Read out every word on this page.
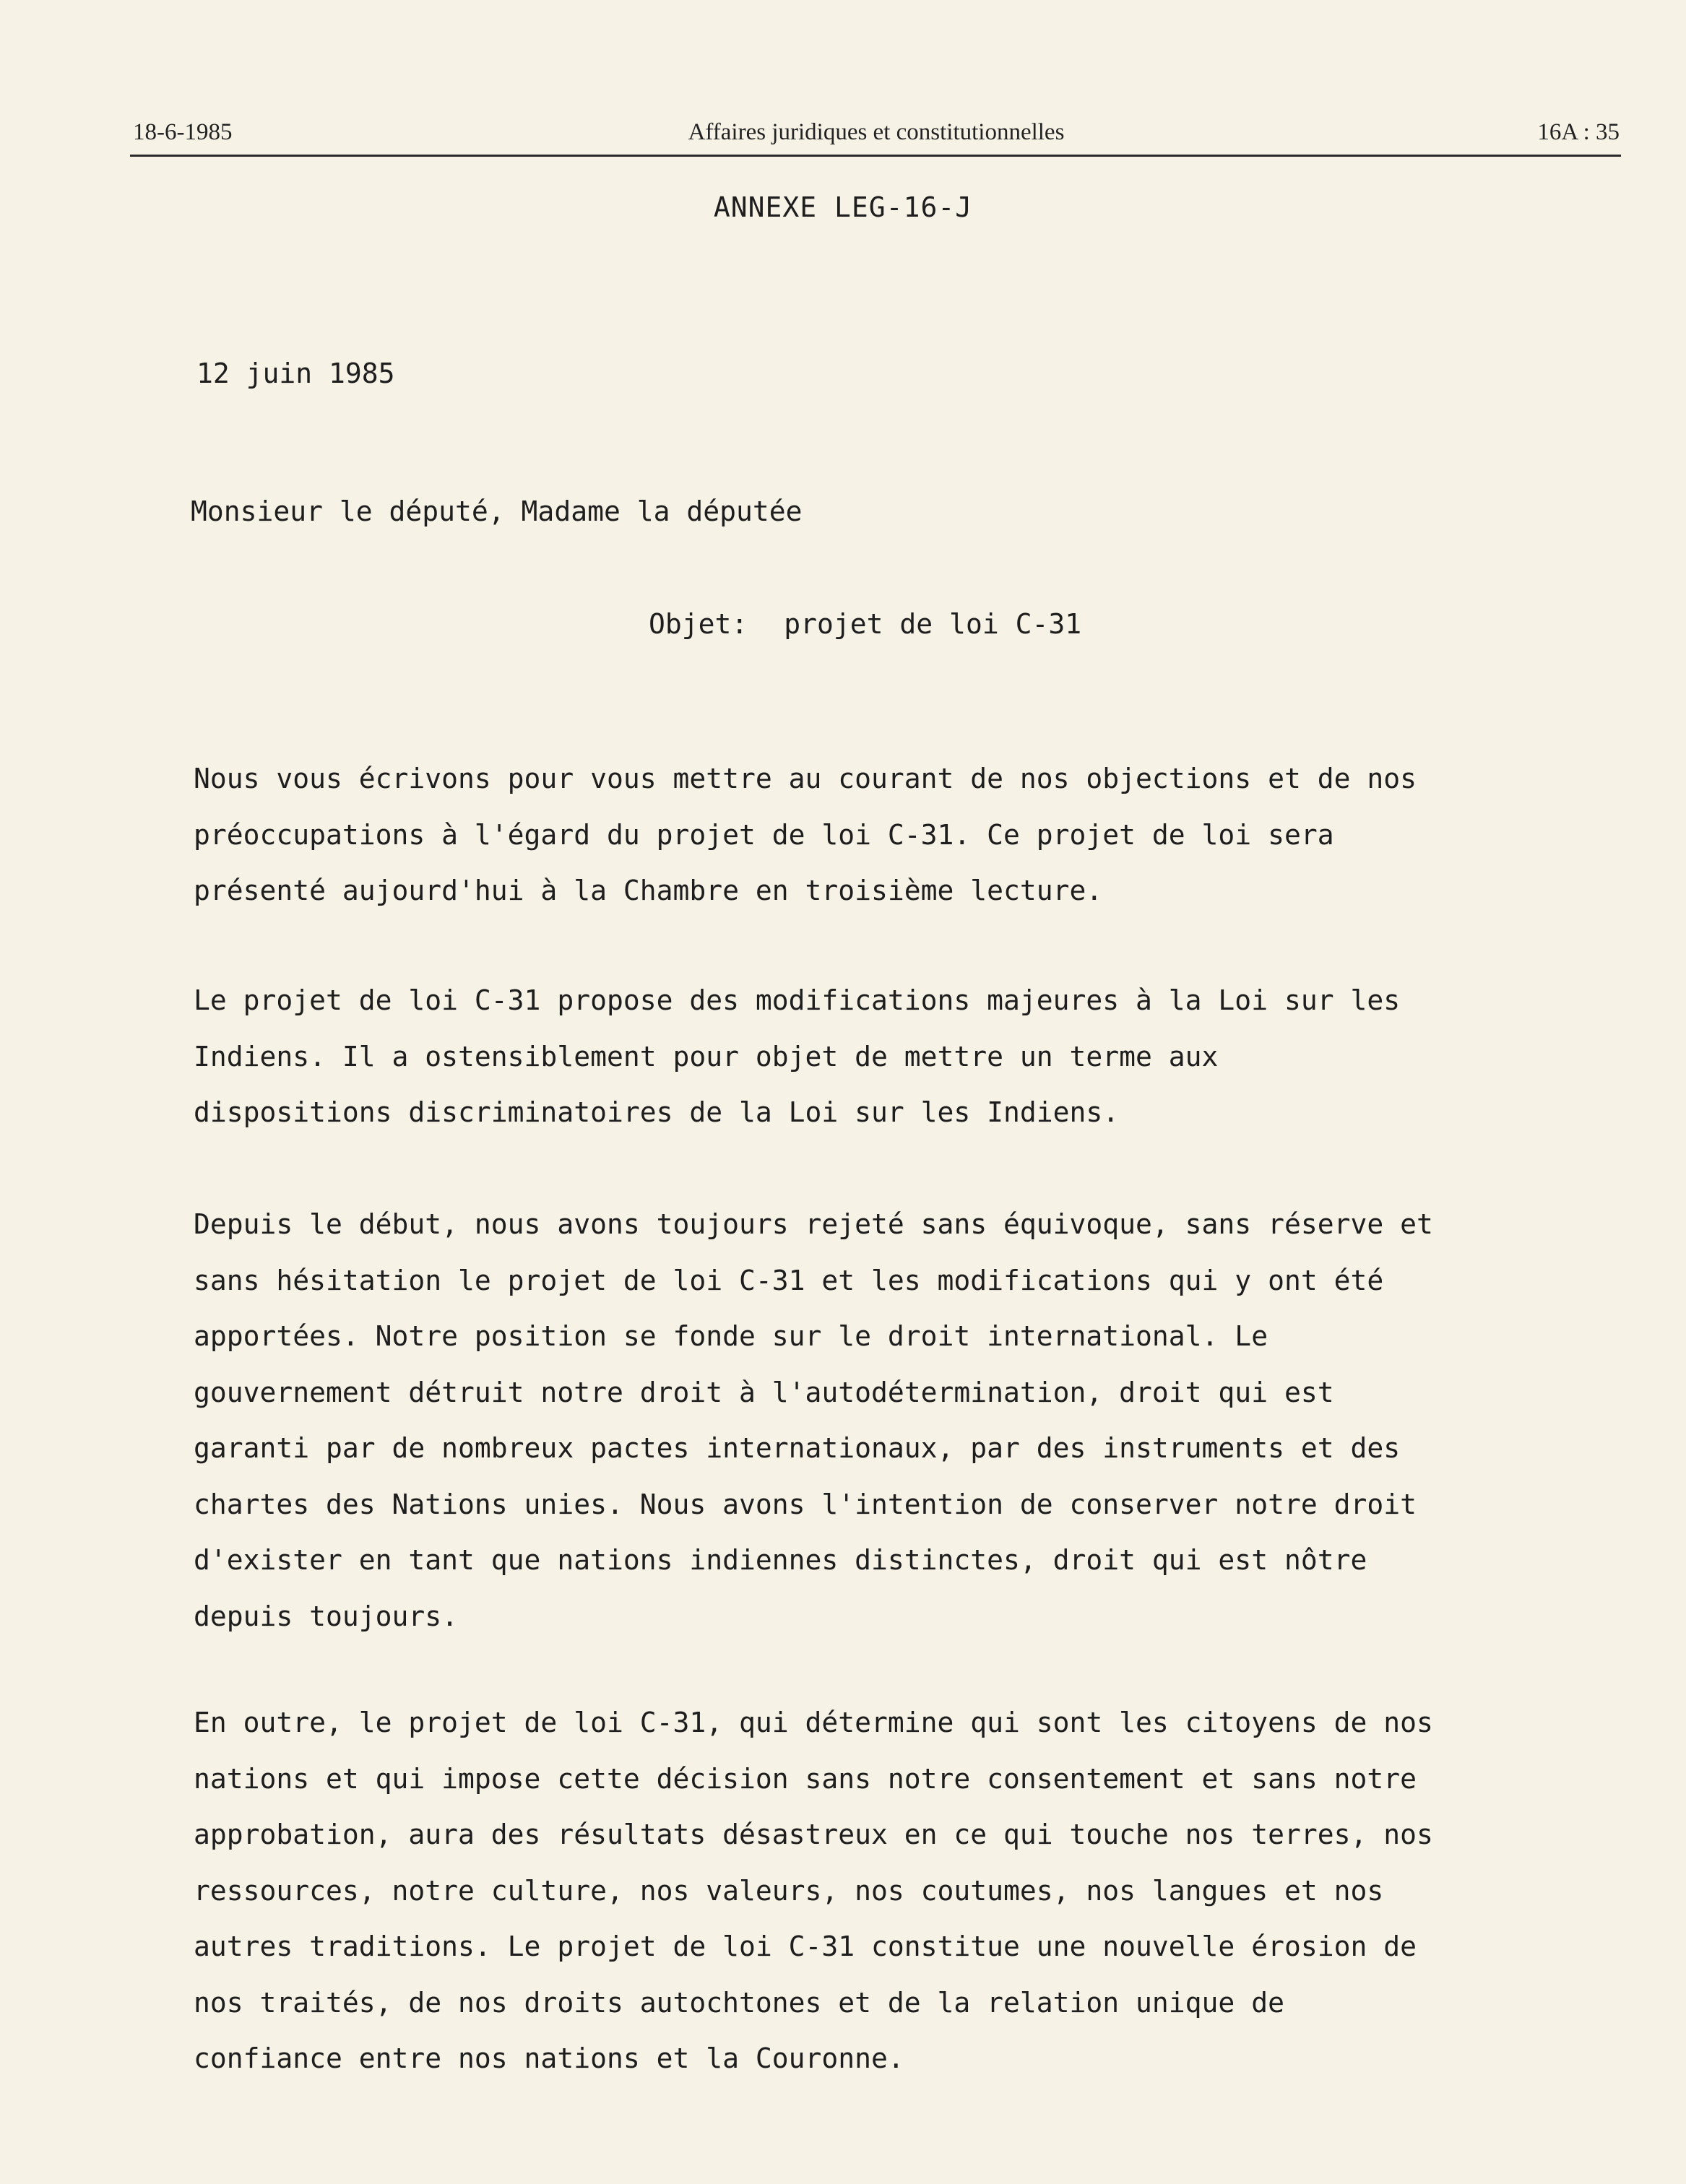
18-6-1985	Affaires juridiques et constitutionnelles	16A : 35
ANNEXE LEG-16-J
12 juin 1985
Monsieur le député, Madame la députée
Objet: projet de loi C-31
Nous vous écrivons pour vous mettre au courant de nos objections et de nos
préoccupations à l'égard du projet de loi C-31. Ce projet de loi sera
présenté aujourd'hui à la Chambre en troisième lecture.
Le projet de loi C-31 propose des modifications majeures à la Loi sur les
Indiens. Il a ostensiblement pour objet de mettre un terme aux
dispositions discriminatoires de la Loi sur les Indiens.
Depuis le début, nous avons toujours rejeté sans équivoque, sans réserve et
sans hésitation le projet de loi C-31 et les modifications qui y ont été
apportées. Notre position se fonde sur le droit international. Le
gouvernement détruit notre droit à l'autodétermination, droit qui est
garanti par de nombreux pactes internationaux, par des instruments et des
chartes des Nations unies. Nous avons l'intention de conserver notre droit
d'exister en tant que nations indiennes distinctes, droit qui est nôtre
depuis toujours.
En outre, le projet de loi C-31, qui détermine qui sont les citoyens de nos
nations et qui impose cette décision sans notre consentement et sans notre
approbation, aura des résultats désastreux en ce qui touche nos terres, nos
ressources, notre culture, nos valeurs, nos coutumes, nos langues et nos
autres traditions. Le projet de loi C-31 constitue une nouvelle érosion de
nos traités, de nos droits autochtones et de la relation unique de
confiance entre nos nations et la Couronne.
